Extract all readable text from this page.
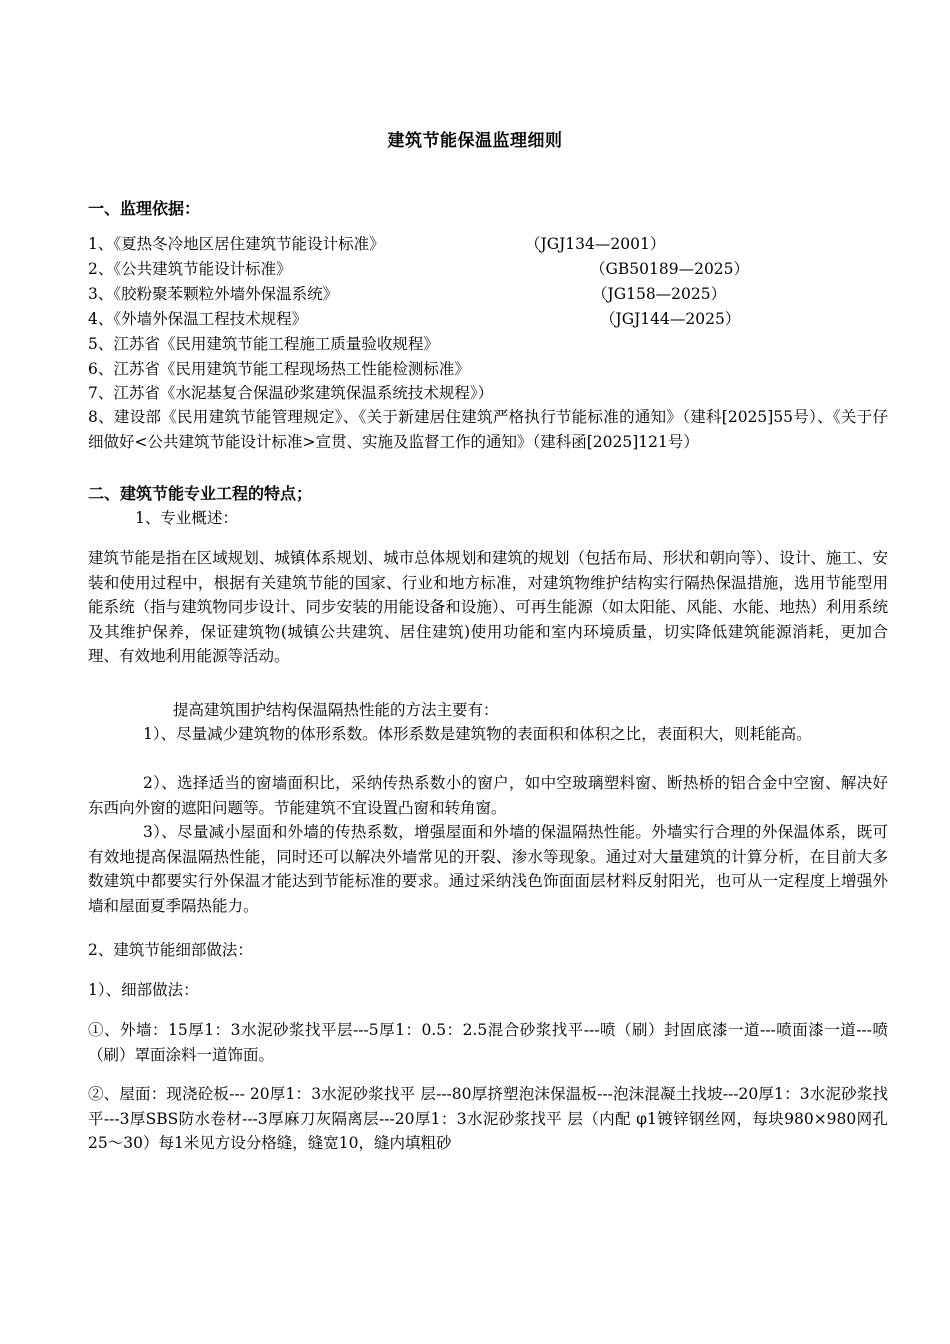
建筑节能保温监理细则
一、监理依据：
1、《夏热冬冷地区居住建筑节能设计标准》	（JGJ134—2001）
2、《公共建筑节能设计标准》	（GB50189—2025）
3、《胶粉聚苯颗粒外墙外保温系统》	（JG158—2025）
4、《外墙外保温工程技术规程》	（JGJ144—2025）
5、江苏省《民用建筑节能工程施工质量验收规程》
6、江苏省《民用建筑节能工程现场热工性能检测标准》
7、江苏省《水泥基复合保温砂浆建筑保温系统技术规程》）
8、建设部《民用建筑节能管理规定》、《关于新建居住建筑严格执行节能标准的通知》（建科[2025]55号）、《关于仔细做好<公共建筑节能设计标准>宣贯、实施及监督工作的通知》（建科函[2025]121号）
二、建筑节能专业工程的特点；
1、专业概述：
建筑节能是指在区域规划、城镇体系规划、城市总体规划和建筑的规划（包括布局、形状和朝向等）、设计、施工、安装和使用过程中，根据有关建筑节能的国家、行业和地方标准，对建筑物维护结构实行隔热保温措施，选用节能型用能系统（指与建筑物同步设计、同步安装的用能设备和设施）、可再生能源（如太阳能、风能、水能、地热）利用系统及其维护保养，保证建筑物(城镇公共建筑、居住建筑)使用功能和室内环境质量，切实降低建筑能源消耗，更加合理、有效地利用能源等活动。
提高建筑围护结构保温隔热性能的方法主要有：
1）、尽量减少建筑物的体形系数。体形系数是建筑物的表面积和体积之比，表面积大，则耗能高。
2）、选择适当的窗墙面积比，采纳传热系数小的窗户，如中空玻璃塑料窗、断热桥的铝合金中空窗、解决好东西向外窗的遮阳问题等。节能建筑不宜设置凸窗和转角窗。
3）、尽量减小屋面和外墙的传热系数，增强屋面和外墙的保温隔热性能。外墙实行合理的外保温体系，既可有效地提高保温隔热性能，同时还可以解决外墙常见的开裂、渗水等现象。通过对大量建筑的计算分析，在目前大多数建筑中都要实行外保温才能达到节能标准的要求。通过采纳浅色饰面面层材料反射阳光，也可从一定程度上增强外墙和屋面夏季隔热能力。
2、建筑节能细部做法：
1）、细部做法：
①、外墙：15厚1：3水泥砂浆找平层---5厚1：0.5：2.5混合砂浆找平---喷（刷）封固底漆一道---喷面漆一道---喷（刷）罩面涂料一道饰面。
②、屋面：现浇砼板--- 20厚1：3水泥砂浆找平 层---80厚挤塑泡沫保温板---泡沫混凝土找坡---20厚1：3水泥砂浆找平---3厚SBS防水卷材---3厚麻刀灰隔离层---20厚1：3水泥砂浆找平 层（内配 φ1镀锌钢丝网，每块980×980网孔25～30）每1米见方设分格缝，缝宽10，缝内填粗砂
